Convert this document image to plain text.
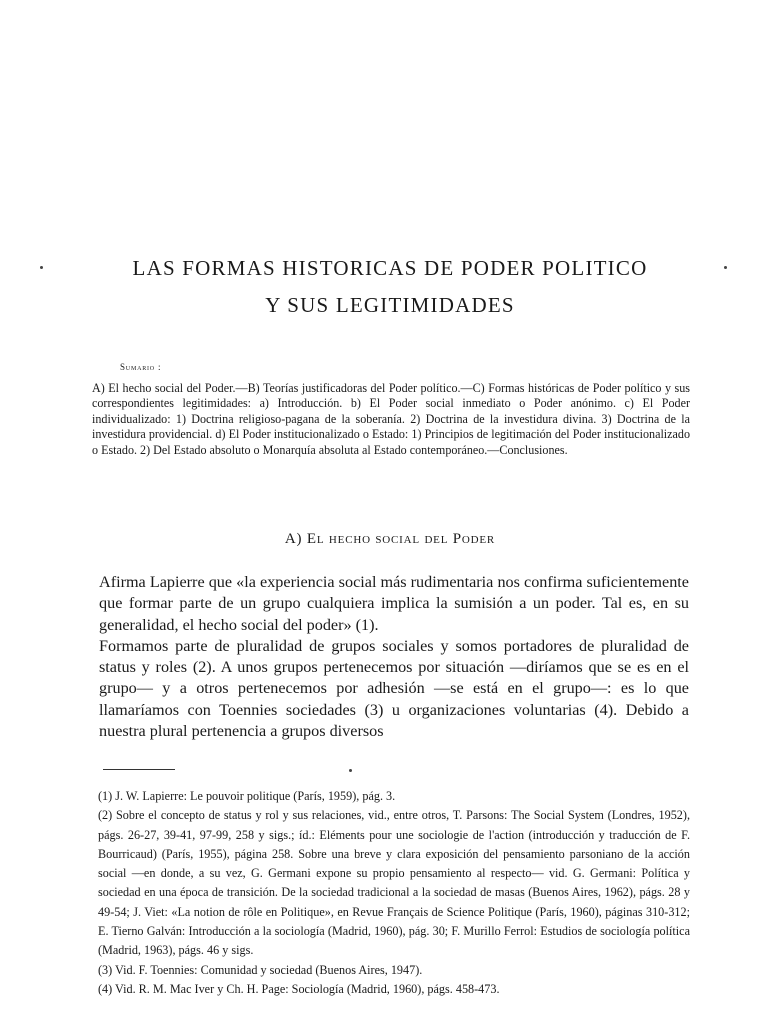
LAS FORMAS HISTORICAS DE PODER POLITICO
Y SUS LEGITIMIDADES
Sumario :
A) El hecho social del Poder.—B) Teorías justificadoras del Poder político.—C) Formas históricas de Poder político y sus correspondientes legitimidades: a) Introducción. b) El Poder social inmediato o Poder anónimo. c) El Poder individualizado: 1) Doctrina religioso-pagana de la soberanía. 2) Doctrina de la investidura divina. 3) Doctrina de la investidura providencial. d) El Poder institucionalizado o Estado: 1) Principios de legitimación del Poder institucionalizado o Estado. 2) Del Estado absoluto o Monarquía absoluta al Estado contemporáneo.—Conclusiones.
A) El hecho social del Poder

Afirma Lapierre que «la experiencia social más rudimentaria nos confirma suficientemente que formar parte de un grupo cualquiera implica la sumisión a un poder. Tal es, en su generalidad, el hecho social del poder» (1).

Formamos parte de pluralidad de grupos sociales y somos portadores de pluralidad de status y roles (2). A unos grupos pertenecemos por situación —diríamos que se es en el grupo— y a otros pertenecemos por adhesión —se está en el grupo—: es lo que llamaríamos con Toennies sociedades (3) u organizaciones voluntarias (4). Debido a nuestra plural pertenencia a grupos diversos

(1) J. W. Lapierre: Le pouvoir politique (París, 1959), pág. 3.

(2) Sobre el concepto de status y rol y sus relaciones, vid., entre otros, T. Parsons: The Social System (Londres, 1952), págs. 26-27, 39-41, 97-99, 258 y sigs.; íd.: Eléments pour une sociologie de l'action (introducción y traducción de F. Bourricaud) (París, 1955), página 258. Sobre una breve y clara exposición del pensamiento parsoniano de la acción social —en donde, a su vez, G. Germani expone su propio pensamiento al respecto— vid. G. Germani: Política y sociedad en una época de transición. De la sociedad tradicional a la sociedad de masas (Buenos Aires, 1962), págs. 28 y 49-54; J. Viet: «La notion de rôle en Politique», en Revue Français de Science Politique (París, 1960), páginas 310-312; E. Tierno Galván: Introducción a la sociología (Madrid, 1960), pág. 30; F. Murillo Ferrol: Estudios de sociología política (Madrid, 1963), págs. 46 y sigs.

(3) Vid. F. Toennies: Comunidad y sociedad (Buenos Aires, 1947).

(4) Vid. R. M. Mac Iver y Ch. H. Page: Sociología (Madrid, 1960), págs. 458-473.
